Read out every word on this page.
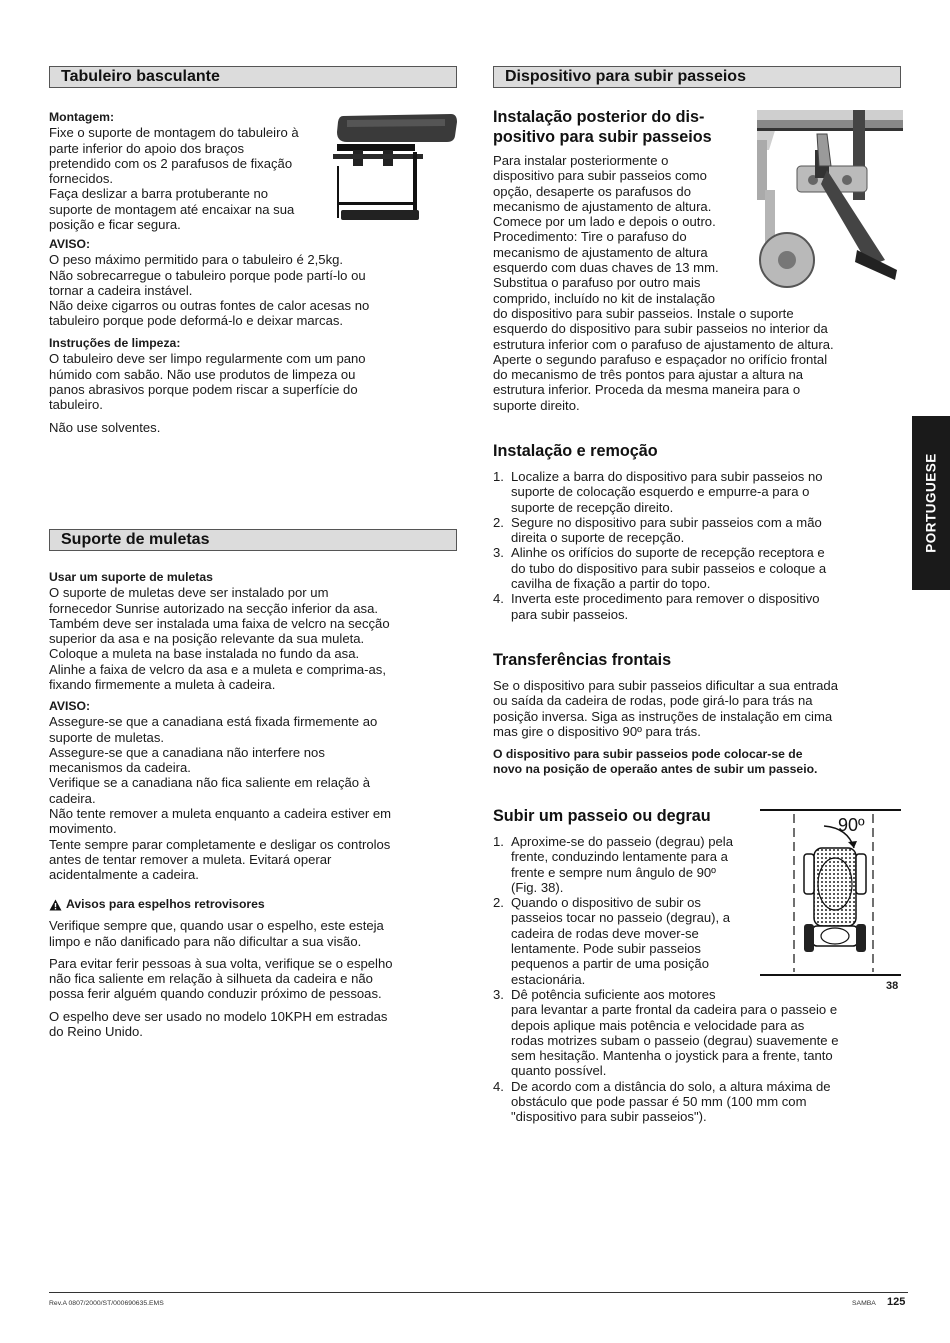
Tabuleiro basculante
Montagem:

Fixe o suporte de montagem do tabuleiro à

parte inferior do apoio dos braços

pretendido com os 2 parafusos de fixação

fornecidos.

Faça deslizar a barra protuberante no

suporte de montagem até encaixar na sua

posição e ficar segura.

AVISO:

O peso máximo permitido para o tabuleiro é 2,5kg.

Não sobrecarregue o tabuleiro porque pode partí-lo ou

tornar a cadeira instável.

Não deixe cigarros ou outras fontes de calor acesas no

tabuleiro porque pode deformá-lo e deixar marcas.

Instruções de limpeza:

O tabuleiro deve ser limpo regularmente com um pano

húmido com sabão. Não use produtos de limpeza ou

panos abrasivos porque podem riscar a superfície do

tabuleiro.

Não use solventes.

Suporte de muletas
Usar um suporte de muletas

O suporte de muletas deve ser instalado por um

fornecedor Sunrise autorizado na secção inferior da asa.

Também deve ser instalada uma faixa de velcro na secção

superior da asa e na posição relevante da sua muleta.

Coloque a muleta na base instalada no fundo da asa.

Alinhe a faixa de velcro da asa e a muleta e comprima-as,

fixando firmemente a muleta à cadeira.

AVISO:

Assegure-se que a canadiana está fixada firmemente ao

suporte de muletas.

Assegure-se que a canadiana não interfere nos

mecanismos da cadeira.

Verifique se a canadiana não fica saliente em relação à

cadeira.

Não tente remover a muleta enquanto a cadeira estiver em

movimento.

Tente sempre parar completamente e desligar os controlos

antes de tentar remover a muleta. Evitará operar

acidentalmente a cadeira.

Avisos para espelhos retrovisores

Verifique sempre que, quando usar o espelho, este esteja

limpo e não danificado para não dificultar a sua visão.

Para evitar ferir pessoas à sua volta, verifique se o espelho

não fica saliente em relação à silhueta da cadeira e não

possa ferir alguém quando conduzir próximo de pessoas.

O espelho deve ser usado no modelo 10KPH em estradas

do Reino Unido.

Dispositivo para subir passeios
Instalação posterior do dis-
positivo para subir passeios

Para instalar posteriormente o

dispositivo para subir passeios como

opção, desaperte os parafusos do

mecanismo de ajustamento de altura.

Comece por um lado e depois o outro.

Procedimento: Tire o parafuso do

mecanismo de ajustamento de altura

esquerdo com duas chaves de 13 mm.

Substitua o parafuso por outro mais

comprido, incluído no kit de instalação

do dispositivo para subir passeios. Instale o suporte

esquerdo do dispositivo para subir passeios no interior da

estrutura inferior com o parafuso de ajustamento de altura.

Aperte o segundo parafuso e espaçador no orifício frontal

do mecanismo de três pontos para ajustar a altura na

estrutura inferior. Proceda da mesma maneira para o

suporte direito.

Instalação e remoção
1. Localize a barra do dispositivo para subir passeios no

suporte de colocação esquerdo e empurre-a para o

suporte de recepção direito.

2. Segure no dispositivo para subir passeios com a mão

direita o suporte de recepção.

3. Alinhe os orifícios do suporte de recepção receptora e

do tubo do dispositivo para subir passeios e coloque a

cavilha de fixação a partir do topo.

4. Inverta este procedimento para remover o dispositivo

para subir passeios.

Transferências frontais

Se o dispositivo para subir passeios dificultar a sua entrada

ou saída da cadeira de rodas, pode girá-lo para trás na

posição inversa. Siga as instruções de instalação em cima

mas gire o dispositivo 90º para trás.

O dispositivo para subir passeios pode colocar-se de

novo na posição de operaão antes de subir um passeio.

Subir um passeio ou degrau	90º
38
1. Aproxime-se do passeio (degrau) pela

frente, conduzindo lentamente para a

frente e sempre num ângulo de 90º

(Fig. 38).

2. Quando o dispositivo de subir os

passeios tocar no passeio (degrau), a

cadeira de rodas deve mover-se

lentamente. Pode subir passeios

pequenos a partir de uma posição

estacionária.

3. Dê potência suficiente aos motores

para levantar a parte frontal da cadeira para o passeio e

depois aplique mais potência e velocidade para as

rodas motrizes subam o passeio (degrau) suavemente e

sem hesitação. Mantenha o joystick para a frente, tanto

quanto possível.

4. De acordo com a distância do solo, a altura máxima de

obstáculo que pode passar é 50 mm (100 mm com

"dispositivo para subir passeios").

PORTUGUESE
Rev.A 0807/2000/ST/000690635.EMS	SAMBA 125
